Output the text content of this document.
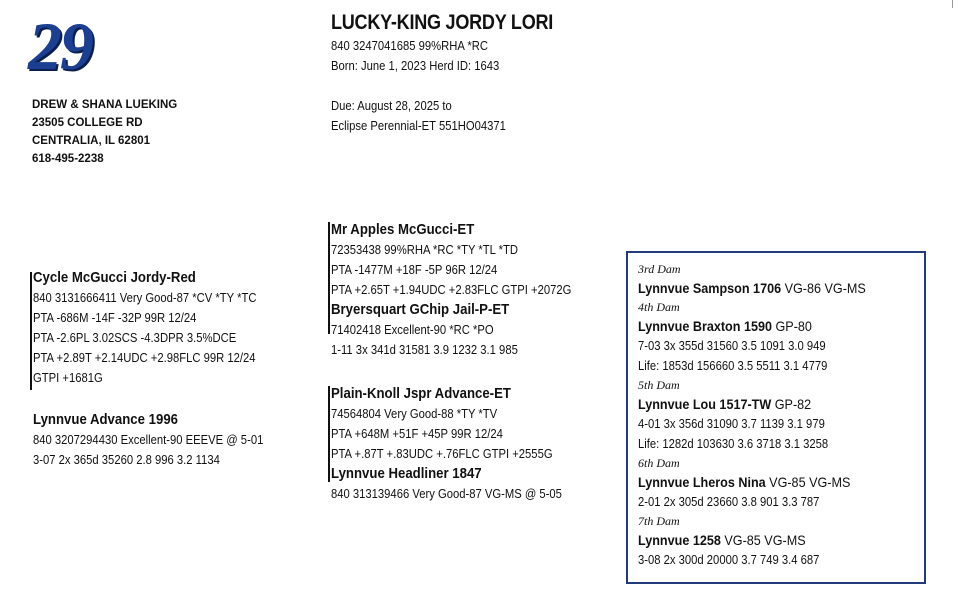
29
DREW & SHANA LUEKING
23505 COLLEGE RD
CENTRALIA, IL 62801
618-495-2238
LUCKY-KING JORDY LORI
840 3247041685 99%RHA *RC
Born: June 1, 2023 Herd ID: 1643
Due: August 28, 2025 to
Eclipse Perennial-ET 551HO04371
Cycle McGucci Jordy-Red
840 3131666411 Very Good-87 *CV *TY *TC
PTA -686M -14F -32P 99R 12/24
PTA -2.6PL 3.02SCS -4.3DPR 3.5%DCE
PTA +2.89T +2.14UDC +2.98FLC 99R 12/24
GTPI +1681G
Lynnvue Advance 1996
840 3207294430 Excellent-90 EEEVE @ 5-01
3-07 2x 365d 35260 2.8 996 3.2 1134
Mr Apples McGucci-ET
72353438 99%RHA *RC *TY *TL *TD
PTA -1477M +18F -5P 96R 12/24
PTA +2.65T +1.94UDC +2.83FLC GTPI +2072G
Bryersquart GChip Jail-P-ET
71402418 Excellent-90 *RC *PO
1-11 3x 341d 31581 3.9 1232 3.1 985
Plain-Knoll Jspr Advance-ET
74564804 Very Good-88 *TY *TV
PTA +648M +51F +45P 99R 12/24
PTA +.87T +.83UDC +.76FLC GTPI +2555G
Lynnvue Headliner 1847
840 313139466 Very Good-87 VG-MS @ 5-05
3rd Dam
Lynnvue Sampson 1706 VG-86 VG-MS
4th Dam
Lynnvue Braxton 1590 GP-80
7-03 3x 355d 31560 3.5 1091 3.0 949
Life: 1853d 156660 3.5 5511 3.1 4779
5th Dam
Lynnvue Lou 1517-TW GP-82
4-01 3x 356d 31090 3.7 1139 3.1 979
Life: 1282d 103630 3.6 3718 3.1 3258
6th Dam
Lynnvue Lheros Nina VG-85 VG-MS
2-01 2x 305d 23660 3.8 901 3.3 787
7th Dam
Lynnvue 1258 VG-85 VG-MS
3-08 2x 300d 20000 3.7 749 3.4 687
